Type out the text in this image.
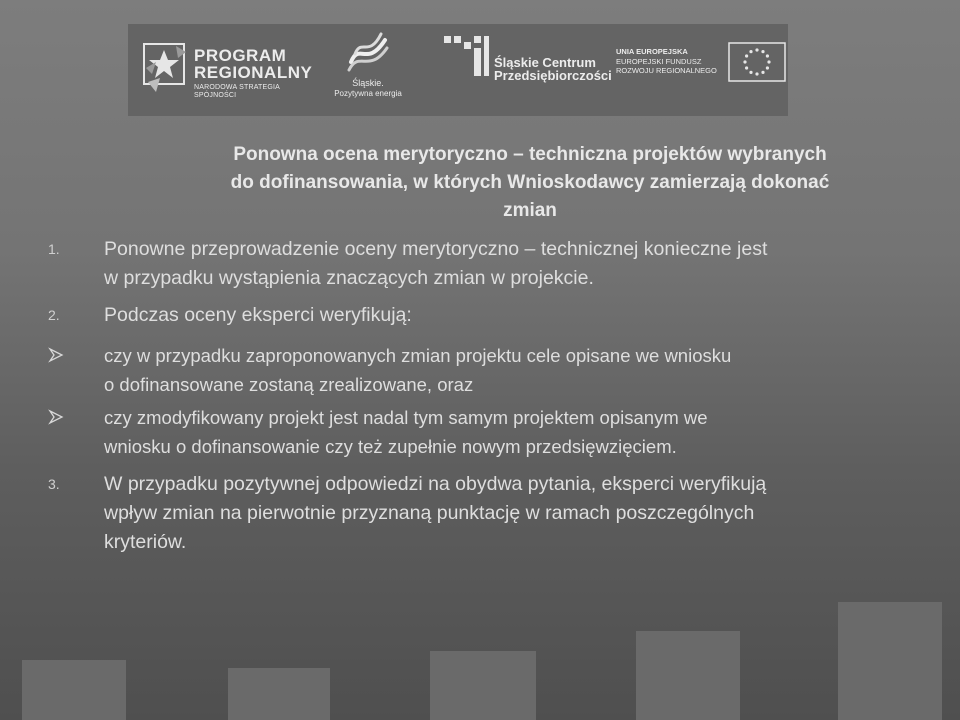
PROGRAM
REGIONALNY
NARODOWA STRATEGIA SPÓJNOŚCI
Śląskie.
Pozytywna energia
Śląskie Centrum
Przedsiębiorczości
UNIA EUROPEJSKA
EUROPEJSKI FUNDUSZ
ROZWOJU REGIONALNEGO
Ponowna ocena merytoryczno – techniczna projektów wybranych
do dofinansowania, w których Wnioskodawcy zamierzają dokonać
zmian
1. Ponowne przeprowadzenie oceny merytoryczno – technicznej konieczne jest
w przypadku wystąpienia znaczących zmian w projekcie.
2. Podczas oceny eksperci weryfikują:
czy w przypadku zaproponowanych zmian projektu cele opisane we wniosku
o dofinansowane zostaną zrealizowane, oraz
czy zmodyfikowany projekt jest nadal tym samym projektem opisanym we
wniosku o dofinansowanie czy też zupełnie nowym przedsięwzięciem.
3. W przypadku pozytywnej odpowiedzi na obydwa pytania, eksperci weryfikują
wpływ zmian na pierwotnie przyznaną punktację w ramach poszczególnych
kryteriów.
